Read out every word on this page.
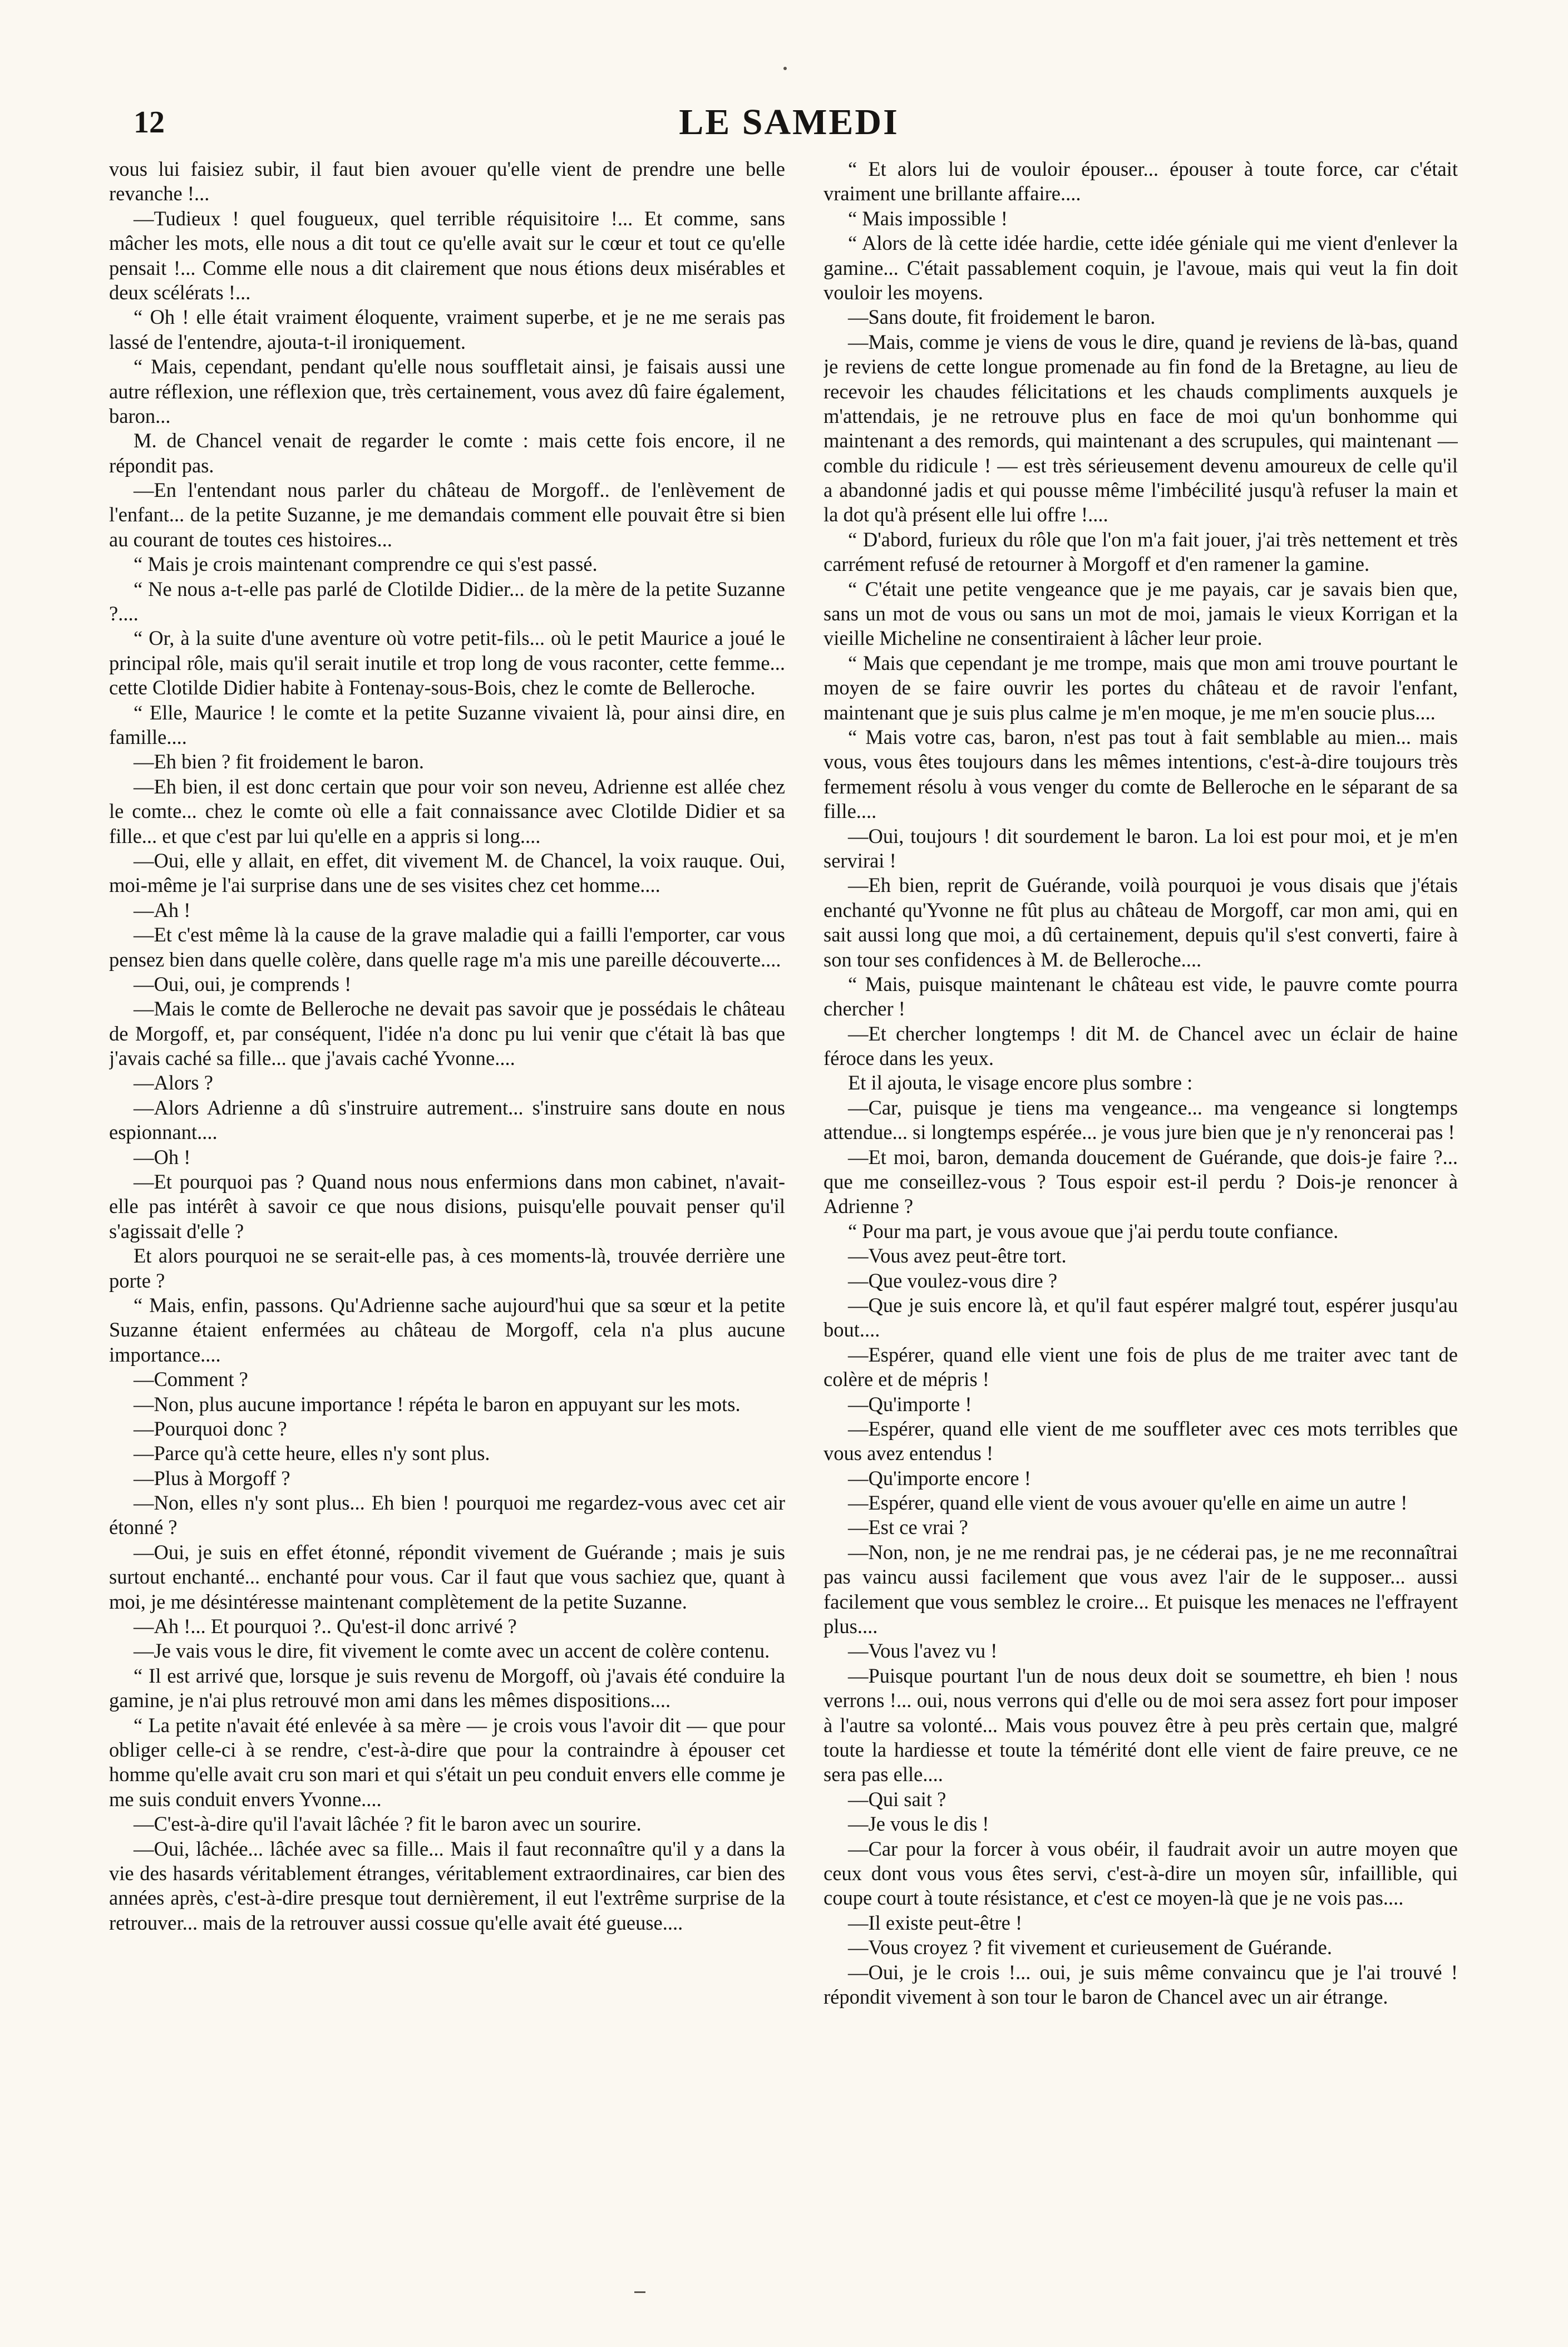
12	LE SAMEDI

vous lui faisiez subir, il faut bien avouer qu'elle vient de prendre une belle revanche !...

—Tudieux ! quel fougueux, quel terrible réquisitoire !... Et comme, sans mâcher les mots, elle nous a dit tout ce qu'elle avait sur le cœur et tout ce qu'elle pensait !... Comme elle nous a dit clairement que nous étions deux misérables et deux scélérats !...

“ Oh ! elle était vraiment éloquente, vraiment superbe, et je ne me serais pas lassé de l'entendre, ajouta-t-il ironiquement.

“ Mais, cependant, pendant qu'elle nous souffletait ainsi, je faisais aussi une autre réflexion, une réflexion que, très certainement, vous avez dû faire également, baron...

M. de Chancel venait de regarder le comte : mais cette fois encore, il ne répondit pas.

—En l'entendant nous parler du château de Morgoff.. de l'enlèvement de l'enfant... de la petite Suzanne, je me demandais comment elle pouvait être si bien au courant de toutes ces histoires...

“ Mais je crois maintenant comprendre ce qui s'est passé.

“ Ne nous a-t-elle pas parlé de Clotilde Didier... de la mère de la petite Suzanne ?....

“ Or, à la suite d'une aventure où votre petit-fils... où le petit Maurice a joué le principal rôle, mais qu'il serait inutile et trop long de vous raconter, cette femme... cette Clotilde Didier habite à Fontenay-sous-Bois, chez le comte de Belleroche.

“ Elle, Maurice ! le comte et la petite Suzanne vivaient là, pour ainsi dire, en famille....

—Eh bien ? fit froidement le baron.

—Eh bien, il est donc certain que pour voir son neveu, Adrienne est allée chez le comte... chez le comte où elle a fait connaissance avec Clotilde Didier et sa fille... et que c'est par lui qu'elle en a appris si long....

—Oui, elle y allait, en effet, dit vivement M. de Chancel, la voix rauque. Oui, moi-même je l'ai surprise dans une de ses visites chez cet homme....

—Ah !

—Et c'est même là la cause de la grave maladie qui a failli l'emporter, car vous pensez bien dans quelle colère, dans quelle rage m'a mis une pareille découverte....

—Oui, oui, je comprends !

—Mais le comte de Belleroche ne devait pas savoir que je possédais le château de Morgoff, et, par conséquent, l'idée n'a donc pu lui venir que c'était là bas que j'avais caché sa fille... que j'avais caché Yvonne....

—Alors ?

—Alors Adrienne a dû s'instruire autrement... s'instruire sans doute en nous espionnant....

—Oh !

—Et pourquoi pas ? Quand nous nous enfermions dans mon cabinet, n'avait-elle pas intérêt à savoir ce que nous disions, puisqu'elle pouvait penser qu'il s'agissait d'elle ?

Et alors pourquoi ne se serait-elle pas, à ces moments-là, trouvée derrière une porte ?

“ Mais, enfin, passons. Qu'Adrienne sache aujourd'hui que sa sœur et la petite Suzanne étaient enfermées au château de Morgoff, cela n'a plus aucune importance....

—Comment ?

—Non, plus aucune importance ! répéta le baron en appuyant sur les mots.

—Pourquoi donc ?

—Parce qu'à cette heure, elles n'y sont plus.

—Plus à Morgoff ?

—Non, elles n'y sont plus... Eh bien ! pourquoi me regardez-vous avec cet air étonné ?

—Oui, je suis en effet étonné, répondit vivement de Guérande ; mais je suis surtout enchanté... enchanté pour vous. Car il faut que vous sachiez que, quant à moi, je me désintéresse maintenant complètement de la petite Suzanne.

—Ah !... Et pourquoi ?.. Qu'est-il donc arrivé ?

—Je vais vous le dire, fit vivement le comte avec un accent de colère contenu.

“ Il est arrivé que, lorsque je suis revenu de Morgoff, où j'avais été conduire la gamine, je n'ai plus retrouvé mon ami dans les mêmes dispositions....

“ La petite n'avait été enlevée à sa mère — je crois vous l'avoir dit — que pour obliger celle-ci à se rendre, c'est-à-dire que pour la contraindre à épouser cet homme qu'elle avait cru son mari et qui s'était un peu conduit envers elle comme je me suis conduit envers Yvonne....

—C'est-à-dire qu'il l'avait lâchée ? fit le baron avec un sourire.

—Oui, lâchée... lâchée avec sa fille... Mais il faut reconnaître qu'il y a dans la vie des hasards véritablement étranges, véritablement extraordinaires, car bien des années après, c'est-à-dire presque tout dernièrement, il eut l'extrême surprise de la retrouver... mais de la retrouver aussi cossue qu'elle avait été gueuse....

“ Et alors lui de vouloir épouser... épouser à toute force, car c'était vraiment une brillante affaire....

“ Mais impossible !

“ Alors de là cette idée hardie, cette idée géniale qui me vient d'enlever la gamine... C'était passablement coquin, je l'avoue, mais qui veut la fin doit vouloir les moyens.

—Sans doute, fit froidement le baron.

—Mais, comme je viens de vous le dire, quand je reviens de là-bas, quand je reviens de cette longue promenade au fin fond de la Bretagne, au lieu de recevoir les chaudes félicitations et les chauds compliments auxquels je m'attendais, je ne retrouve plus en face de moi qu'un bonhomme qui maintenant a des remords, qui maintenant a des scrupules, qui maintenant — comble du ridicule ! — est très sérieusement devenu amoureux de celle qu'il a abandonné jadis et qui pousse même l'imbécilité jusqu'à refuser la main et la dot qu'à présent elle lui offre !....

“ D'abord, furieux du rôle que l'on m'a fait jouer, j'ai très nettement et très carrément refusé de retourner à Morgoff et d'en ramener la gamine.

“ C'était une petite vengeance que je me payais, car je savais bien que, sans un mot de vous ou sans un mot de moi, jamais le vieux Korrigan et la vieille Micheline ne consentiraient à lâcher leur proie.

“ Mais que cependant je me trompe, mais que mon ami trouve pourtant le moyen de se faire ouvrir les portes du château et de ravoir l'enfant, maintenant que je suis plus calme je m'en moque, je me m'en soucie plus....

“ Mais votre cas, baron, n'est pas tout à fait semblable au mien... mais vous, vous êtes toujours dans les mêmes intentions, c'est-à-dire toujours très fermement résolu à vous venger du comte de Belleroche en le séparant de sa fille....

—Oui, toujours ! dit sourdement le baron. La loi est pour moi, et je m'en servirai !

—Eh bien, reprit de Guérande, voilà pourquoi je vous disais que j'étais enchanté qu'Yvonne ne fût plus au château de Morgoff, car mon ami, qui en sait aussi long que moi, a dû certainement, depuis qu'il s'est converti, faire à son tour ses confidences à M. de Belleroche....

“ Mais, puisque maintenant le château est vide, le pauvre comte pourra chercher !

—Et chercher longtemps ! dit M. de Chancel avec un éclair de haine féroce dans les yeux.

Et il ajouta, le visage encore plus sombre :

—Car, puisque je tiens ma vengeance... ma vengeance si longtemps attendue... si longtemps espérée... je vous jure bien que je n'y renoncerai pas !

—Et moi, baron, demanda doucement de Guérande, que dois-je faire ?... que me conseillez-vous ? Tous espoir est-il perdu ? Dois-je renoncer à Adrienne ?

“ Pour ma part, je vous avoue que j'ai perdu toute confiance.

—Vous avez peut-être tort.

—Que voulez-vous dire ?

—Que je suis encore là, et qu'il faut espérer malgré tout, espérer jusqu'au bout....

—Espérer, quand elle vient une fois de plus de me traiter avec tant de colère et de mépris !

—Qu'importe !

—Espérer, quand elle vient de me souffleter avec ces mots terribles que vous avez entendus !

—Qu'importe encore !

—Espérer, quand elle vient de vous avouer qu'elle en aime un autre !

—Est ce vrai ?

—Non, non, je ne me rendrai pas, je ne céderai pas, je ne me reconnaîtrai pas vaincu aussi facilement que vous avez l'air de le supposer... aussi facilement que vous semblez le croire... Et puisque les menaces ne l'effrayent plus....

—Vous l'avez vu !

—Puisque pourtant l'un de nous deux doit se soumettre, eh bien ! nous verrons !... oui, nous verrons qui d'elle ou de moi sera assez fort pour imposer à l'autre sa volonté... Mais vous pouvez être à peu près certain que, malgré toute la hardiesse et toute la témérité dont elle vient de faire preuve, ce ne sera pas elle....

—Qui sait ?

—Je vous le dis !

—Car pour la forcer à vous obéir, il faudrait avoir un autre moyen que ceux dont vous vous êtes servi, c'est-à-dire un moyen sûr, infaillible, qui coupe court à toute résistance, et c'est ce moyen-là que je ne vois pas....

—Il existe peut-être !

—Vous croyez ? fit vivement et curieusement de Guérande.

—Oui, je le crois !... oui, je suis même convaincu que je l'ai trouvé ! répondit vivement à son tour le baron de Chancel avec un air étrange.
